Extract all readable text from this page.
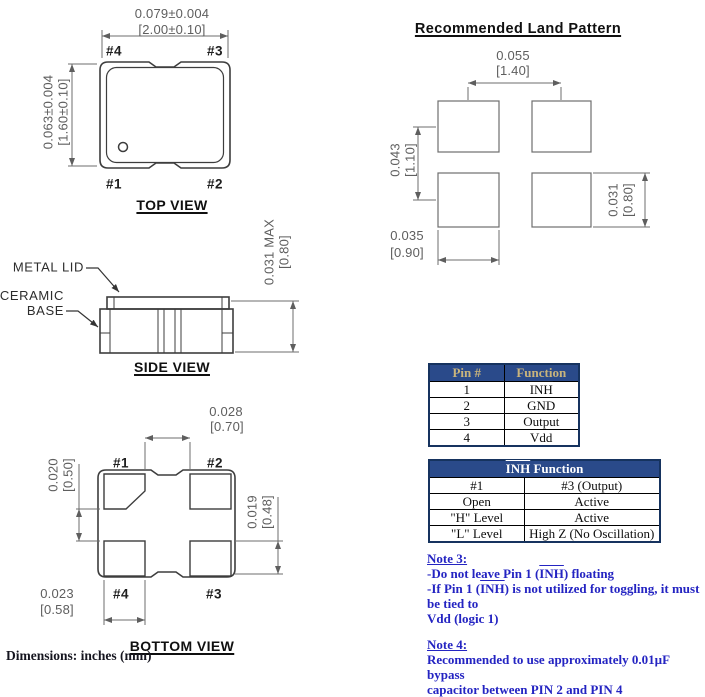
0.079±0.004
[2.00±0.10]
0.063±0.004 [1.60±0.10]
#4	#3
#1	#2
TOP VIEW
METAL LID
CERAMIC
BASE
0.031 MAX [0.80]
SIDE VIEW
Recommended Land Pattern
0.055
[1.40]
0.043 [1.10]
0.031 [0.80]
0.035
[0.90]
0.028
[0.70]
#1	#2
#4	#3
0.020 [0.50]
0.019 [0.48]
0.023
[0.58]
BOTTOM VIEW
Pin #	Function
1	$\overline{INH}$
2	GND
3	Output
4	Vdd
$\overline{INH}$ Function	
#1	#3 (Output)
Open	Active
"H" Level	Active
"L" Level	High Z (No Oscillation)
Note 3:
-Do not leave Pin 1 $(\overline{INH})$ floating
-If Pin 1 $(\overline{INH})$ is not utilized for toggling, it must be tied to
Vdd (logic 1)
Note 4:
Recommended to use approximately 0.01µF bypass
capacitor between PIN 2 and PIN 4
Dimensions: inches (mm)
